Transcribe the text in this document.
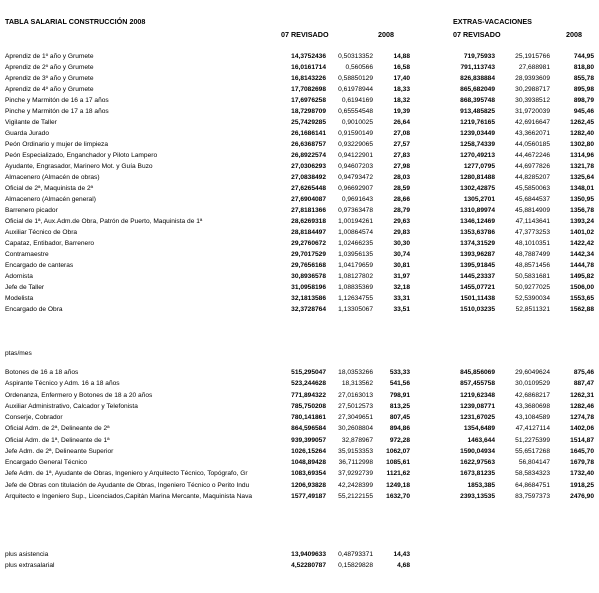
TABLA SALARIAL CONSTRUCCIÓN 2008	EXTRAS-VACACIONES
07 REVISADO	2008	07 REVISADO	2008
Aprendiz de 1º año y Grumete	14,3752436	0,50313352	14,88	719,75933	25,1915766	744,95
Aprendiz de 2º año y Grumete	16,0161714	0,560566	16,58	791,113743	27,688981	818,80
Aprendiz de 3º año y Grumete	16,8143226	0,58850129	17,40	826,838884	28,9393609	855,78
Aprendiz de 4º año y Grumete	17,7082698	0,61978944	18,33	865,682049	30,2988717	895,98
Pinche y Marmitón de 16 a 17 años	17,6976258	0,6194169	18,32	868,395748	30,3938512	898,79
Pinche y Marmitón de 17 a 18 años	18,7298709	0,65554548	19,39	913,485825	31,9720039	945,46
Vigilante de Taller	25,7429285	0,9010025	26,64	1219,76165	42,6916647	1262,45
Guarda Jurado	26,1686141	0,91590149	27,08	1239,03449	43,3662071	1282,40
Peón Ordinario y mujer de limpieza	26,6368757	0,93229065	27,57	1258,74339	44,0560185	1302,80
Peón Especializado, Enganchador y Piloto Lampero	26,8922574	0,94122901	27,83	1270,49213	44,4672246	1314,96
Ayudante, Engrasador, Marinero Mot. y Guía Buzo	27,0306293	0,94607203	27,98	1277,0795	44,6977826	1321,78
Almacenero (Almacén de obras)	27,0838492	0,94793472	28,03	1280,81488	44,8285207	1325,64
Oficial de 2ª, Maquinista de 2ª	27,6265448	0,96692907	28,59	1302,42875	45,5850063	1348,01
Almacenero (Almacén general)	27,6904087	0,9691643	28,66	1305,2701	45,6844537	1350,95
Barrenero picador	27,8181366	0,97363478	28,79	1310,89974	45,8814909	1356,78
Oficial de 1ª, Aux.Adm.de Obra, Patrón de Puerto, Maquinista de 1ª	28,6269318	1,00194261	29,63	1346,12469	47,1143641	1393,24
Auxiliar Técnico de Obra	28,8184497	1,00864574	29,83	1353,63786	47,3773253	1401,02
Capataz, Entibador, Barrenero	29,2760672	1,02466235	30,30	1374,31529	48,1010351	1422,42
Contramaestre	29,7017529	1,03956135	30,74	1393,96287	48,7887499	1442,34
Encargado de canteras	29,7656168	1,04179659	30,81	1395,91845	48,8571456	1444,78
Adornista	30,8936578	1,08127802	31,97	1445,23337	50,5831681	1495,82
Jefe de Taller	31,0958196	1,08835369	32,18	1455,07721	50,9277025	1506,00
Modelista	32,1813586	1,12634755	33,31	1501,11438	52,5390034	1553,65
Encargado de Obra	32,3728764	1,13305067	33,51	1510,03235	52,8511321	1562,88
ptas/mes
Botones de 16 a 18 años	515,295047	18,0353266	533,33	845,856069	29,6049624	875,46
Aspirante Técnico y Adm. 16 a 18 años	523,244628	18,313562	541,56	857,455758	30,0109529	887,47
Ordenanza, Enfermero y Botones de 18 a 20 años	771,894322	27,0163013	798,91	1219,62348	42,6868217	1262,31
Auxiliar Administrativo, Calcador y Telefonista	785,750208	27,5012573	813,25	1239,08771	43,3680698	1282,46
Conserje, Cobrador	780,141861	27,3049651	807,45	1231,67025	43,1084589	1274,78
Oficial Adm. de 2ª, Delineante de 2ª	864,596584	30,2608804	894,86	1354,6489	47,4127114	1402,06
Oficial Adm. de 1ª, Delineante de 1ª	939,399057	32,878967	972,28	1463,644	51,2275399	1514,87
Jefe Adm. de 2ª, Delineante Superior	1026,15264	35,9153353	1062,07	1590,04934	55,6517268	1645,70
Encargado General Técnico	1048,89428	36,7112998	1085,61	1622,97563	56,804147	1679,78
Jefe Adm. de 1ª, Ayudante de Obras, Ingeniero y Arquitecto Técnico, Topógrafo, Gr	1083,69354	37,9292739	1121,62	1673,81235	58,5834323	1732,40
Jefe de Obras con titulación de Ayudante de Obras, Ingeniero Técnico o Perito Indu	1206,93828	42,2428399	1249,18	1853,385	64,8684751	1918,25
Arquitecto e Ingeniero Sup., Licenciados,Capitán Marina Mercante, Maquinista Nava	1577,49187	55,2122155	1632,70	2393,13535	83,7597373	2476,90
plus asistencia	13,9409633	0,48793371	14,43
plus extrasalarial	4,52280787	0,15829828	4,68
